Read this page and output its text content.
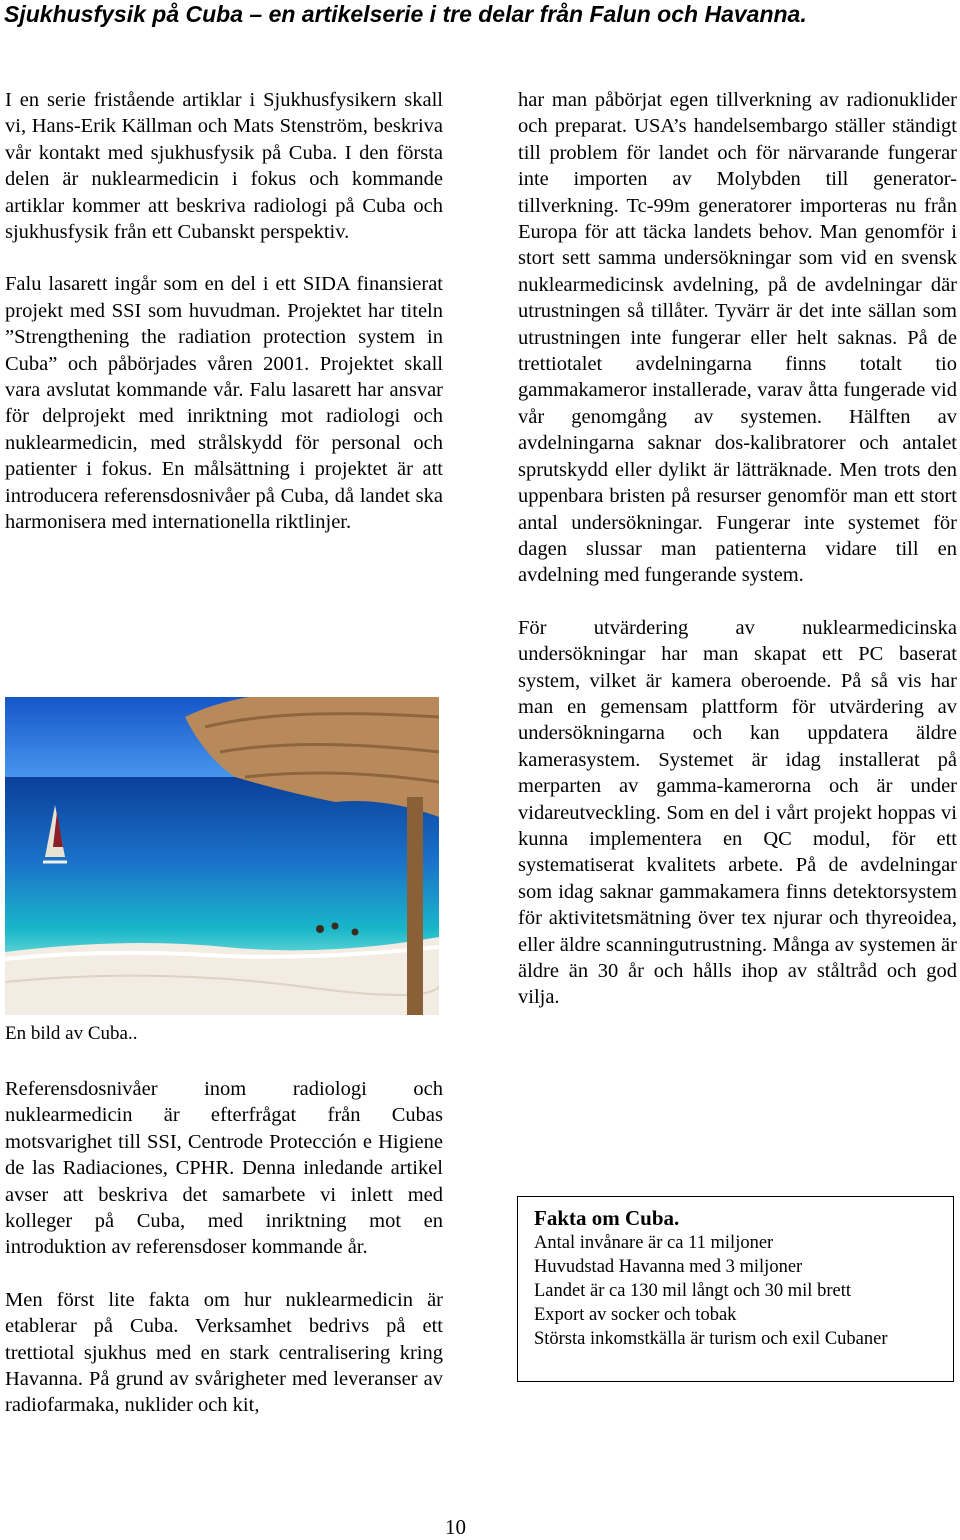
Sjukhusfysik på Cuba – en artikelserie i tre delar från Falun och Havanna.

I en serie fristående artiklar i Sjukhusfysikern skall vi, Hans-Erik Källman och Mats Stenström, beskriva vår kontakt med sjukhusfysik på Cuba. I den första delen är nuklearmedicin i fokus och kommande artiklar kommer att beskriva radiologi på Cuba och sjukhusfysik från ett Cubanskt perspektiv.

Falu lasarett ingår som en del i ett SIDA finansierat projekt med SSI som huvudman. Projektet har titeln ”Strengthening the radiation protection system in Cuba” och påbörjades våren 2001. Projektet skall vara avslutat kommande vår. Falu lasarett har ansvar för delprojekt med inriktning mot radiologi och nuklearmedicin, med strålskydd för personal och patienter i fokus. En målsättning i projektet är att introducera referensdosnivåer på Cuba, då landet ska harmonisera med internationella riktlinjer.

En bild av Cuba..

Referensdosnivåer inom radiologi och nuklearmedicin är efterfrågat från Cubas motsvarighet till SSI, Centrode Protección e Higiene de las Radiaciones, CPHR. Denna inledande artikel avser att beskriva det samarbete vi inlett med kolleger på Cuba, med inriktning mot en introduktion av referensdoser kommande år.

Men först lite fakta om hur nuklearmedicin är etablerar på Cuba. Verksamhet bedrivs på ett trettiotal sjukhus med en stark centralisering kring Havanna. På grund av svårigheter med leveranser av radiofarmaka, nuklider och kit,

har man påbörjat egen tillverkning av radionuklider och preparat. USA’s handelsembargo ställer ständigt till problem för landet och för närvarande fungerar inte importen av Molybden till generator-tillverkning. Tc-99m generatorer importeras nu från Europa för att täcka landets behov. Man genomför i stort sett samma undersökningar som vid en svensk nuklearmedicinsk avdelning, på de avdelningar där utrustningen så tillåter. Tyvärr är det inte sällan som utrustningen inte fungerar eller helt saknas. På de trettiotalet avdelningarna finns totalt tio gammakameror installerade, varav åtta fungerade vid vår genomgång av systemen. Hälften av avdelningarna saknar dos-kalibratorer och antalet sprutskydd eller dylikt är lätträknade. Men trots den uppenbara bristen på resurser genomför man ett stort antal undersökningar. Fungerar inte systemet för dagen slussar man patienterna vidare till en avdelning med fungerande system.

För utvärdering av nuklearmedicinska undersökningar har man skapat ett PC baserat system, vilket är kamera oberoende. På så vis har man en gemensam plattform för utvärdering av undersökningarna och kan uppdatera äldre kamerasystem. Systemet är idag installerat på merparten av gamma-kamerorna och är under vidareutveckling. Som en del i vårt projekt hoppas vi kunna implementera en QC modul, för ett systematiserat kvalitets arbete. På de avdelningar som idag saknar gammakamera finns detektorsystem för aktivitetsmätning över tex njurar och thyreoidea, eller äldre scanningutrustning. Många av systemen är äldre än 30 år och hålls ihop av ståltråd och god vilja.

Fakta om Cuba.
Antal invånare är ca 11 miljoner
Huvudstad Havanna med 3 miljoner
Landet är ca 130 mil långt och 30 mil brett
Export av socker och tobak
Största inkomstkälla är turism och exil Cubaner
10
